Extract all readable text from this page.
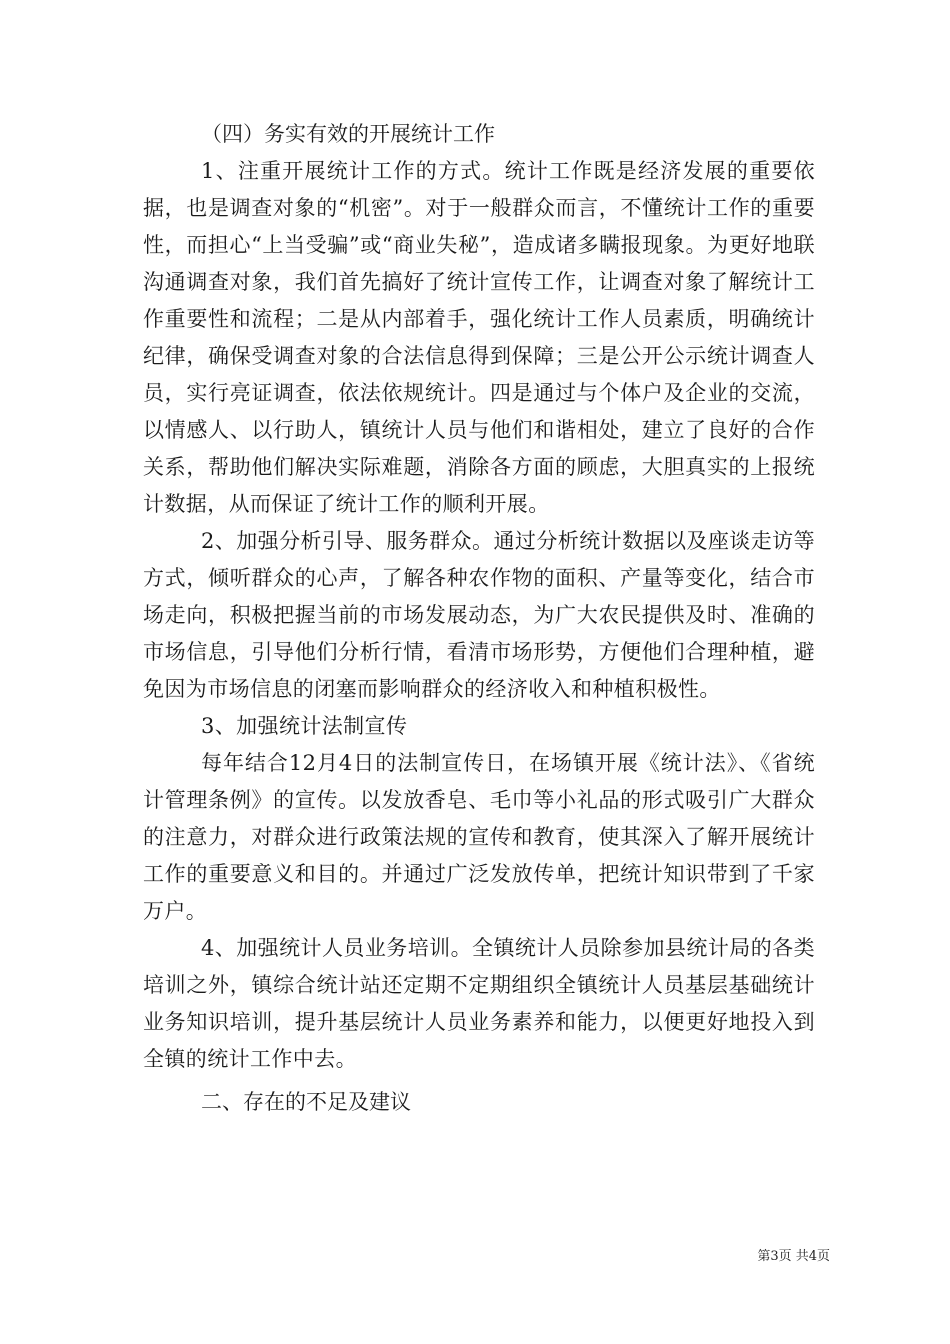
（四）务实有效的开展统计工作

1、注重开展统计工作的方式。统计工作既是经济发展的重要依据，也是调查对象的“机密”。对于一般群众而言，不懂统计工作的重要性，而担心“上当受骗”或“商业失秘”，造成诸多瞒报现象。为更好地联沟通调查对象，我们首先搞好了统计宣传工作，让调查对象了解统计工作重要性和流程；二是从内部着手，强化统计工作人员素质，明确统计纪律，确保受调查对象的合法信息得到保障；三是公开公示统计调查人员，实行亮证调查，依法依规统计。四是通过与个体户及企业的交流，以情感人、以行助人，镇统计人员与他们和谐相处，建立了良好的合作关系，帮助他们解决实际难题，消除各方面的顾虑，大胆真实的上报统计数据，从而保证了统计工作的顺利开展。

2、加强分析引导、服务群众。通过分析统计数据以及座谈走访等方式，倾听群众的心声，了解各种农作物的面积、产量等变化，结合市场走向，积极把握当前的市场发展动态，为广大农民提供及时、准确的市场信息，引导他们分析行情，看清市场形势，方便他们合理种植，避免因为市场信息的闭塞而影响群众的经济收入和种植积极性。

3、加强统计法制宣传

每年结合12月4日的法制宣传日，在场镇开展《统计法》、《省统计管理条例》的宣传。以发放香皂、毛巾等小礼品的形式吸引广大群众的注意力，对群众进行政策法规的宣传和教育，使其深入了解开展统计工作的重要意义和目的。并通过广泛发放传单，把统计知识带到了千家万户。

4、加强统计人员业务培训。全镇统计人员除参加县统计局的各类培训之外，镇综合统计站还定期不定期组织全镇统计人员基层基础统计业务知识培训，提升基层统计人员业务素养和能力，以便更好地投入到全镇的统计工作中去。

二、存在的不足及建议
第3页 共4页
